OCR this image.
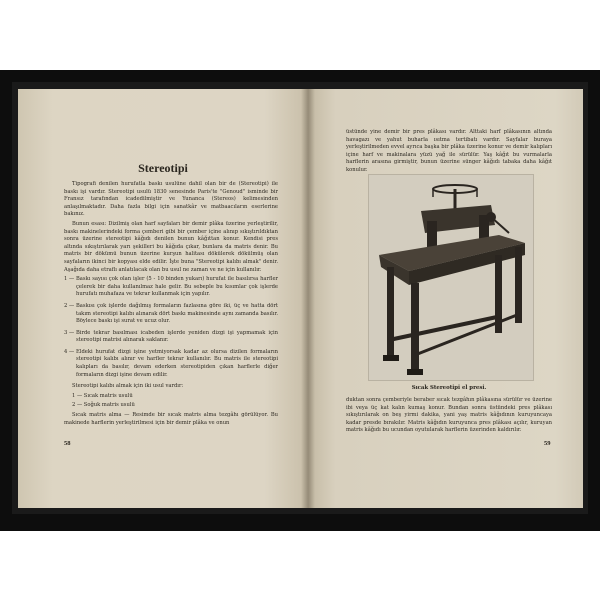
Stereotipi

Tipografi denilen hurufatla baskı usulüne dahil olan bir de (Stereotipi) ile baskı işi vardır. Stereotipi usulü 1830 senesinde Paris'te "Genoud" isminde bir Fransız tarafından icadedilmiştir ve Yunanca (Stereos) kelimesinden anlaşılmaktadır. Daha fazla bilgi için sanatkâr ve matbaacıların eserlerine bakınız.

Bunun esası: Dizilmiş olan harf sayfaları bir demir plâka üzerine yerleştirilir, baskı makinelerindeki forma çemberi gibi bir çember içine alınıp sıkıştırıldıktan sonra üzerine stereotipi kâğıdı denilen bunun kâğıttan konur. Kendisi pres altında sıkıştırılarak yarı şekilleri bu kâğıda çıkar, bunlara da matris denir. Bu matris bir dökümü bunun üzerine kurşun halitası dökülerek dökülmüş olan sayfaların ikinci bir kopyası elde edilir. İşte buna "Stereotipi kalıbı almak" denir. Aşağıda daha etraflı anlatılacak olan bu usul ne zaman ve ne için kullanılır.

1 — Baskı sayısı çok olan işler (5 - 10 binden yukarı) hurufat ile basılırsa harfler çelerek bir daha kullanılmaz hale gelir. Bu sebeple bu kısımlar çok işlerde hurufatı muhafaza ve tekrar kullanmak için yapılır.
2 — Baskısı çok işlerde dağılmış formaların fazlasına göre iki, üç ve hatta dört takım stereotipi kalıbı alınarak dört baskı makinesinde aynı zamanda basılır. Böylece baskı işi surat ve ucuz olur.
3 — Birde tekrar basılması icabeden işlerde yeniden dizgi işi yapmamak için stereotipi matrisi alınarak saklanır.
4 — Eldeki hurufat dizgi işine yetmiyorsak kadar az olursa dizilen formaların stereotipi kalıbı alınır ve harfler tekrar kullanılır. Bu matris ile stereotipi kalıpları da basılır, devam ederken stereotipiden çıkan harflerle diğer formaların dizgi işine devam edilir.

Stereotipi kalıbı almak için iki usul vardır:

1 — Sıcak matris usulü

2 — Soğuk matris usulü

Sıcak matris alma — Resimde bir sıcak matris alma tezgâhı görülüyor. Bu makinede harflerin yerleştirilmesi için bir demir plâka ve onun

58

üstünde yine demir bir pres plâkası vardır. Alttaki harf plâkasının altında havagazı ve yahut buharla ısıtma tertibatı vardır. Sayfalar buraya yerleştirilmeden evvel ayrıca başka bir plâka üzerine konur ve demir kalıpları içine harf ve makinalara yüzü yağ ile sürülür. Yaş kâğıt bu vurmalarla harflerin arasına girmiştir, bunun üzerine sünger kâğıdı tabaka daha kâğıt konulur.

Sıcak Stereotipi el presi.

duktan sonra çemberiyle beraber sıcak tezgâhın plâkasına sürülür ve üzerine ibi veya üç kat kalın kumaş konur. Bundan sonra üstündeki pres plâkası sıkıştırılarak on beş yirmi dakika, yani yaş matris kâğıdının kuruyuncaya kadar presde bırakılır. Matris kâğıdın kuruyunca pres plâkası açılır, kuruyan matris kâğıdı bu ucundan oyutularak harflerin üzerinden kaldırılır.

59
